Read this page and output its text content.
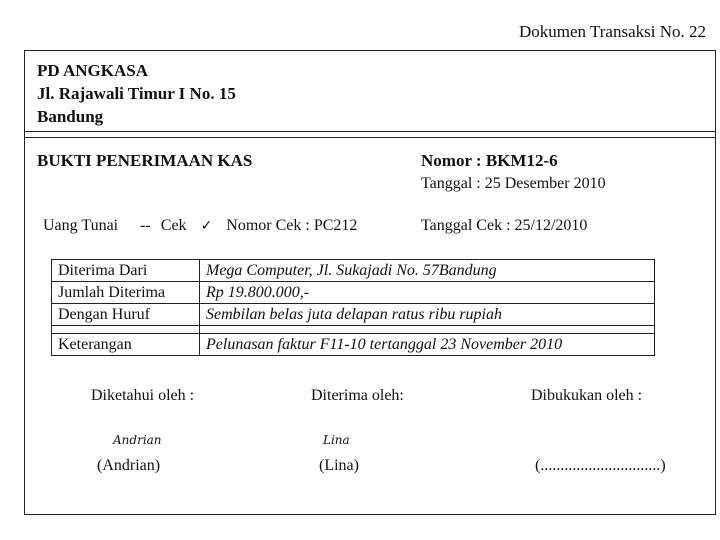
Dokumen Transaksi No. 22
PD ANGKASA
Jl. Rajawali Timur I No. 15
Bandung
BUKTI PENERIMAAN KAS	Nomor : BKM12-6
Tanggal : 25 Desember 2010
Uang Tunai -- Cek ✓ Nomor Cek : PC212	Tanggal Cek : 25/12/2010
Diterima Dari	Mega Computer, Jl. Sukajadi No. 57Bandung
Jumlah Diterima	Rp 19.800.000,-
Dengan Huruf	Sembilan belas juta delapan ratus ribu rupiah

Keterangan	Pelunasan faktur F11-10 tertanggal 23 November 2010
Diketahui oleh :
Andrian
(Andrian)
Diterima oleh:
Lina
(Lina)
Dibukukan oleh :
(..............................)
